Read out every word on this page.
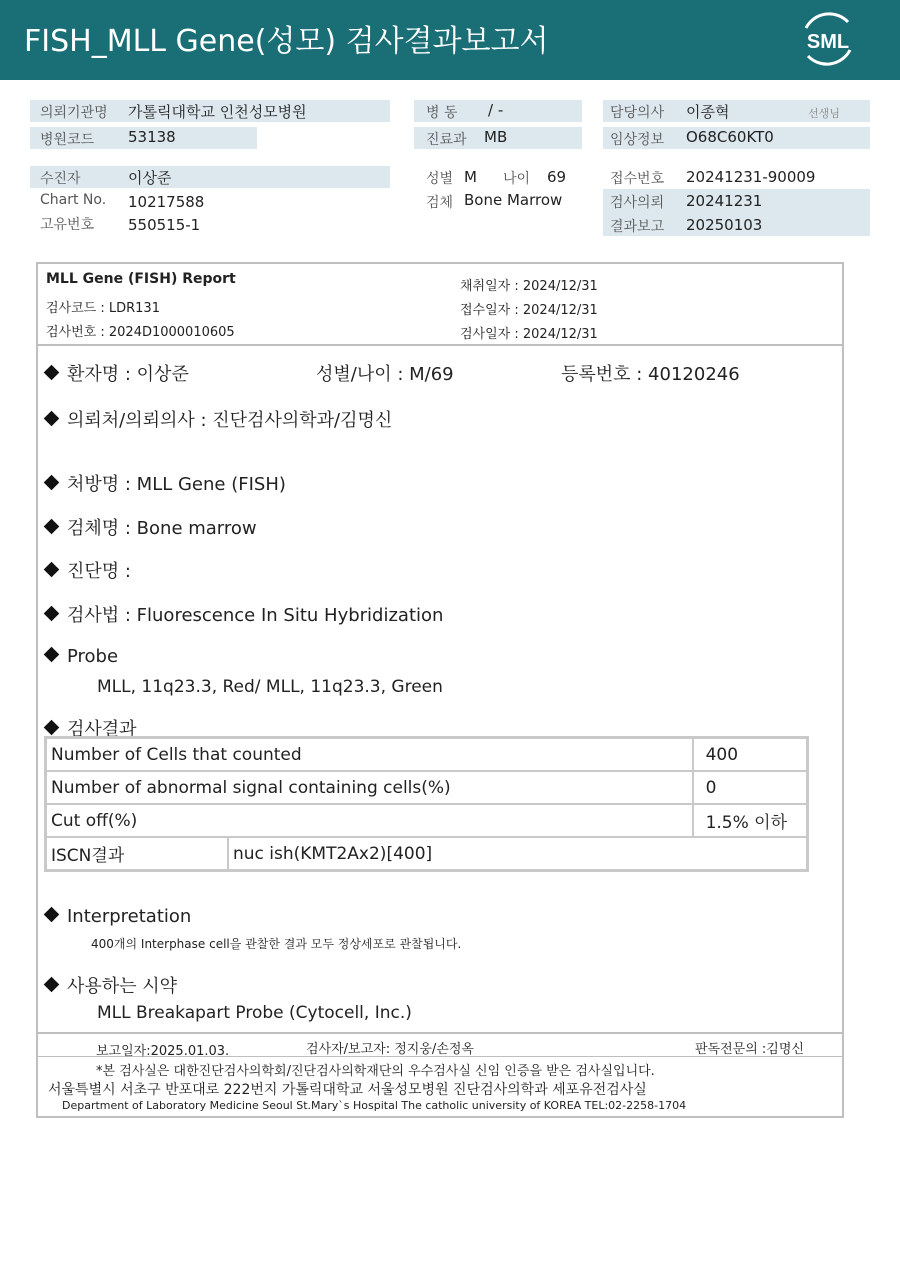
FISH_MLL Gene(성모) 검사결과보고서	SML
의뢰기관명 가톨릭대학교 인천성모병원
병원코드 53138
병 동 / -
진료과 MB
담당의사 이종혁	선생님
임상정보 O68C60KT0
수진자	이상준
Chart No. 10217588
고유번호 550515-1
성별 M 나이 69
검체 Bone Marrow
접수번호 20241231-90009
검사의뢰 20241231
결과보고 20250103
MLL Gene (FISH) Report
검사코드 : LDR131
검사번호 : 2024D1000010605
채취일자 : 2024/12/31
접수일자 : 2024/12/31
검사일자 : 2024/12/31
환자명 : 이상준	성별/나이 : M/69	등록번호 : 40120246
의뢰처/의뢰의사 : 진단검사의학과/김명신
처방명 : MLL Gene (FISH)
검체명 : Bone marrow
진단명 :
검사법 : Fluorescence In Situ Hybridization
Probe
MLL, 11q23.3, Red/ MLL, 11q23.3, Green
검사결과
Number of Cells that counted		400
Number of abnormal signal containing cells(%)		0
Cut off(%)		1.5% 이하
ISCN결과	nuc ish(KMT2Ax2)[400]	
Interpretation
400개의 Interphase cell을 관찰한 결과 모두 정상세포로 관찰됩니다.
사용하는 시약
MLL Breakapart Probe (Cytocell, Inc.)
보고일자:2025.01.03.	검사자/보고자: 정지웅/손정옥	판독전문의 :김명신
*본 검사실은 대한진단검사의학회/진단검사의학재단의 우수검사실 신임 인증을 받은 검사실입니다.
서울특별시 서초구 반포대로 222번지 가톨릭대학교 서울성모병원 진단검사의학과 세포유전검사실
Department of Laboratory Medicine Seoul St.Mary`s Hospital The catholic university of KOREA TEL:02-2258-1704
